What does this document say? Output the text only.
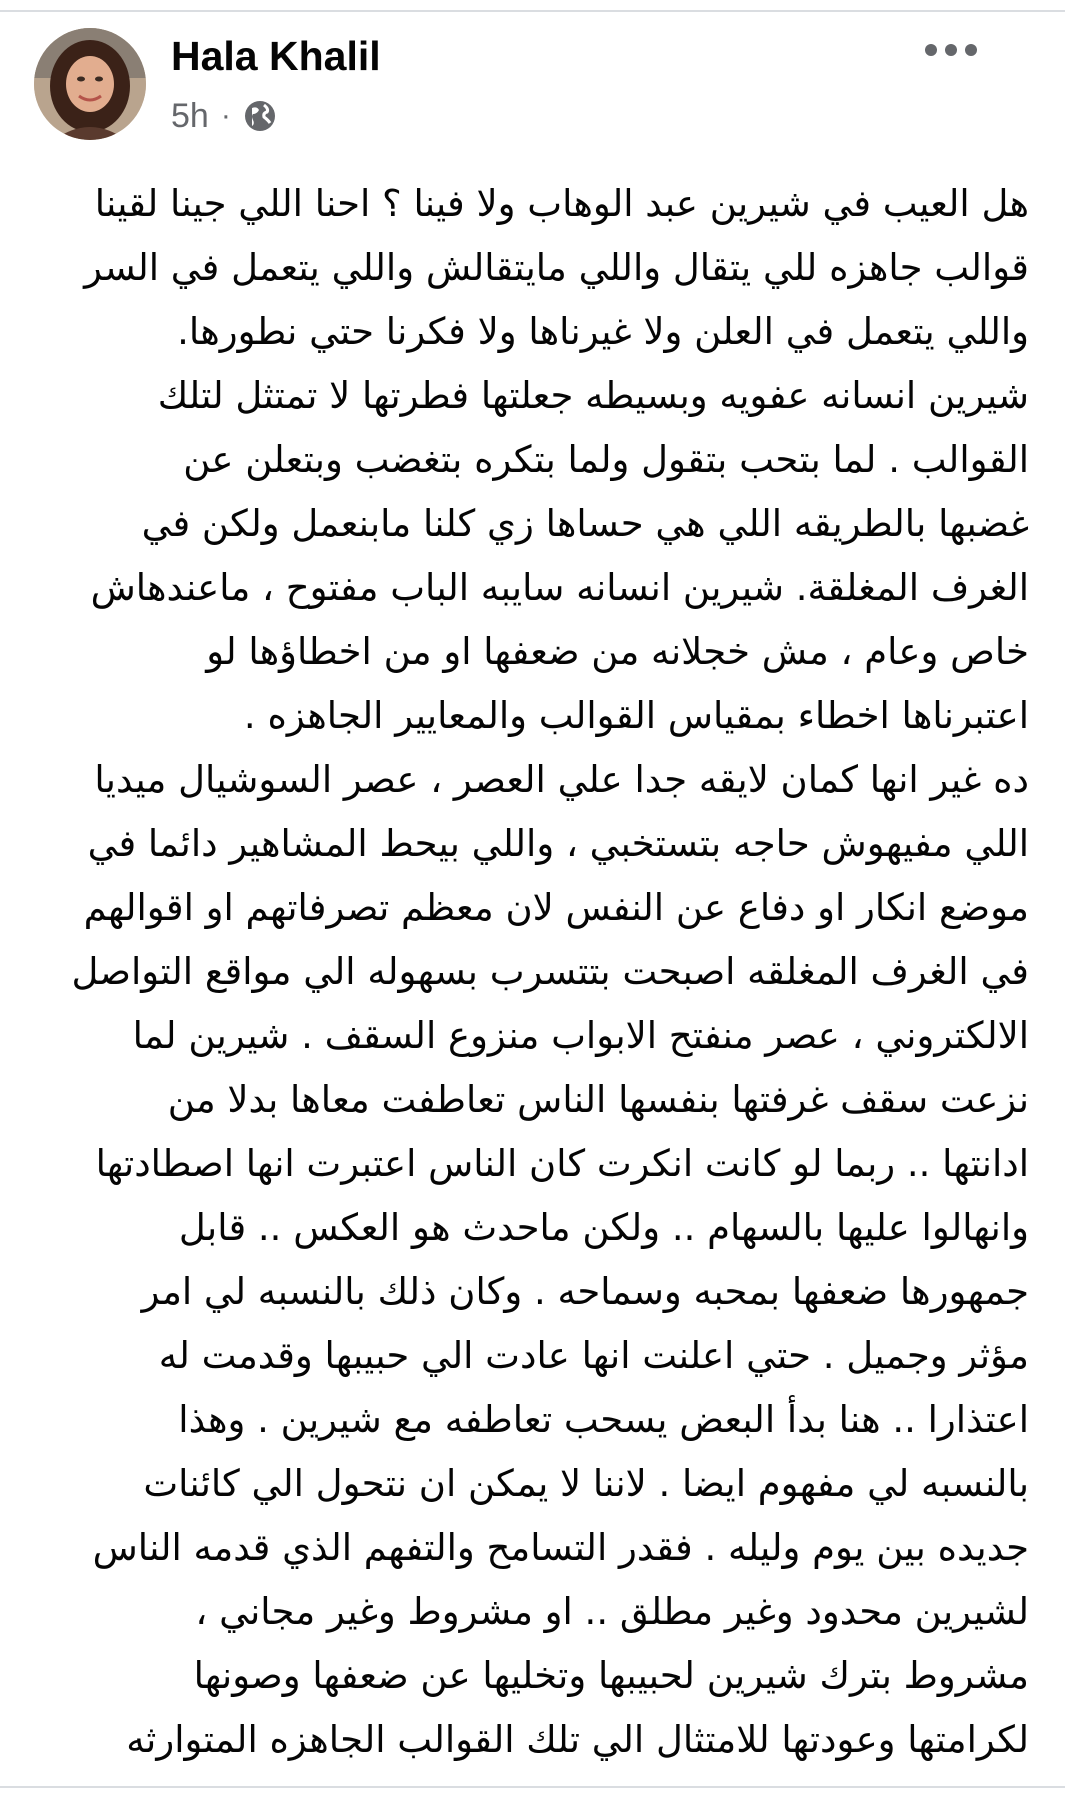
Hala Khalil
5h ·
هل العيب في شيرين عبد الوهاب ولا فينا ؟ احنا اللي جينا لقينا
قوالب جاهزه للي يتقال واللي مايتقالش واللي يتعمل في السر
واللي يتعمل في العلن ولا غيرناها ولا فكرنا حتي نطورها.
شيرين انسانه عفويه وبسيطه جعلتها فطرتها لا تمتثل لتلك
القوالب . لما بتحب بتقول ولما بتكره بتغضب وبتعلن عن
غضبها بالطريقه اللي هي حساها زي كلنا مابنعمل ولكن في
الغرف المغلقة. شيرين انسانه سايبه الباب مفتوح ، ماعندهاش
خاص وعام ، مش خجلانه من ضعفها او من اخطاؤها لو
اعتبرناها اخطاء بمقياس القوالب والمعايير الجاهزه .
ده غير انها كمان لايقه جدا علي العصر ، عصر السوشيال ميديا
اللي مفيهوش حاجه بتستخبي ، واللي بيحط المشاهير دائما في
موضع انكار او دفاع عن النفس لان معظم تصرفاتهم او اقوالهم
في الغرف المغلقه اصبحت بتتسرب بسهوله الي مواقع التواصل
الالكتروني ، عصر منفتح الابواب منزوع السقف . شيرين لما
نزعت سقف غرفتها بنفسها الناس تعاطفت معاها بدلا من
ادانتها .. ربما لو كانت انكرت كان الناس اعتبرت انها اصطادتها
وانهالوا عليها بالسهام .. ولكن ماحدث هو العكس .. قابل
جمهورها ضعفها بمحبه وسماحه . وكان ذلك بالنسبه لي امر
مؤثر وجميل . حتي اعلنت انها عادت الي حبيبها وقدمت له
اعتذارا .. هنا بدأ البعض يسحب تعاطفه مع شيرين . وهذا
بالنسبه لي مفهوم ايضا . لاننا لا يمكن ان نتحول الي كائنات
جديده بين يوم وليله . فقدر التسامح والتفهم الذي قدمه الناس
لشيرين محدود وغير مطلق .. او مشروط وغير مجاني ،
مشروط بترك شيرين لحبيبها وتخليها عن ضعفها وصونها
لكرامتها وعودتها للامتثال الي تلك القوالب الجاهزه المتوارثه
